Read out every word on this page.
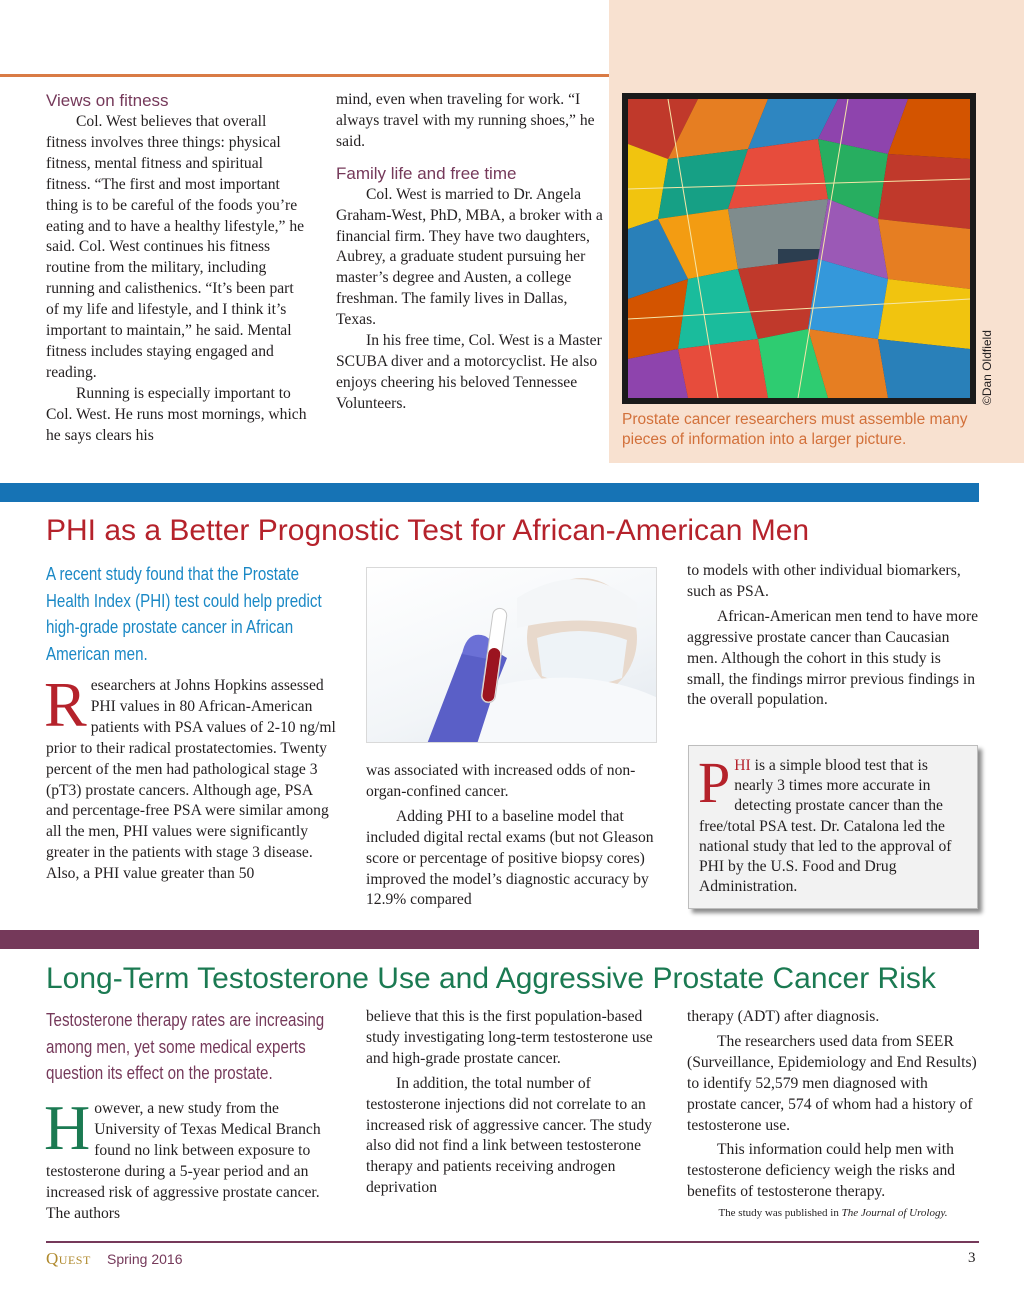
Views on fitness

Col. West believes that overall fitness involves three things: physical fitness, mental fitness and spiritual fitness. “The first and most important thing is to be careful of the foods you’re eating and to have a healthy lifestyle,” he said. Col. West continues his fitness routine from the military, including running and calisthenics. “It’s been part of my life and lifestyle, and I think it’s important to maintain,” he said. Mental fitness includes staying engaged and reading.

Running is especially important to Col. West. He runs most mornings, which he says clears his

mind, even when traveling for work. “I always travel with my running shoes,” he said.

Family life and free time

Col. West is married to Dr. Angela Graham-West, PhD, MBA, a broker with a financial firm. They have two daughters, Aubrey, a graduate student pursuing her master’s degree and Austen, a college freshman. The family lives in Dallas, Texas.

In his free time, Col. West is a Master SCUBA diver and a motorcyclist. He also enjoys cheering his beloved Tennessee Volunteers.	©Dan Oldfield
Prostate cancer researchers must assemble many pieces of information into a larger picture.
PHI as a Better Prognostic Test for African-American Men
A recent study found that the Prostate Health Index (PHI) test could help predict high-grade prostate cancer in African American men.

Researchers at Johns Hopkins assessed PHI values in 80 African-American patients with PSA values of 2-10 ng/ml prior to their radical prostatectomies. Twenty percent of the men had pathological stage 3 (pT3) prostate cancers. Although age, PSA and percentage-free PSA were similar among all the men, PHI values were significantly greater in the patients with stage 3 disease. Also, a PHI value greater than 50

was associated with increased odds of non-organ-confined cancer.

Adding PHI to a baseline model that included digital rectal exams (but not Gleason score or percentage of positive biopsy cores) improved the model’s diagnostic accuracy by 12.9% compared

to models with other individual biomarkers, such as PSA.

African-American men tend to have more aggressive prostate cancer than Caucasian men. Although the cohort in this study is small, the findings mirror previous findings in the overall population.

PHI is a simple blood test that is nearly 3 times more accurate in detecting prostate cancer than the free/total PSA test. Dr. Catalona led the national study that led to the approval of PHI by the U.S. Food and Drug Administration.

Long-Term Testosterone Use and Aggressive Prostate Cancer Risk
Testosterone therapy rates are increasing among men, yet some medical experts question its effect on the prostate.

However, a new study from the University of Texas Medical Branch found no link between exposure to testosterone during a 5-year period and an increased risk of aggressive prostate cancer. The authors

believe that this is the first population-based study investigating long-term testosterone use and high-grade prostate cancer.

In addition, the total number of testosterone injections did not correlate to an increased risk of aggressive cancer. The study also did not find a link between testosterone therapy and patients receiving androgen deprivation

therapy (ADT) after diagnosis.

The researchers used data from SEER (Surveillance, Epidemiology and End Results) to identify 52,579 men diagnosed with prostate cancer, 574 of whom had a history of testosterone use.

This information could help men with testosterone deficiency weigh the risks and benefits of testosterone therapy.

The study was published in The Journal of Urology.

Quest Spring 2016	3
